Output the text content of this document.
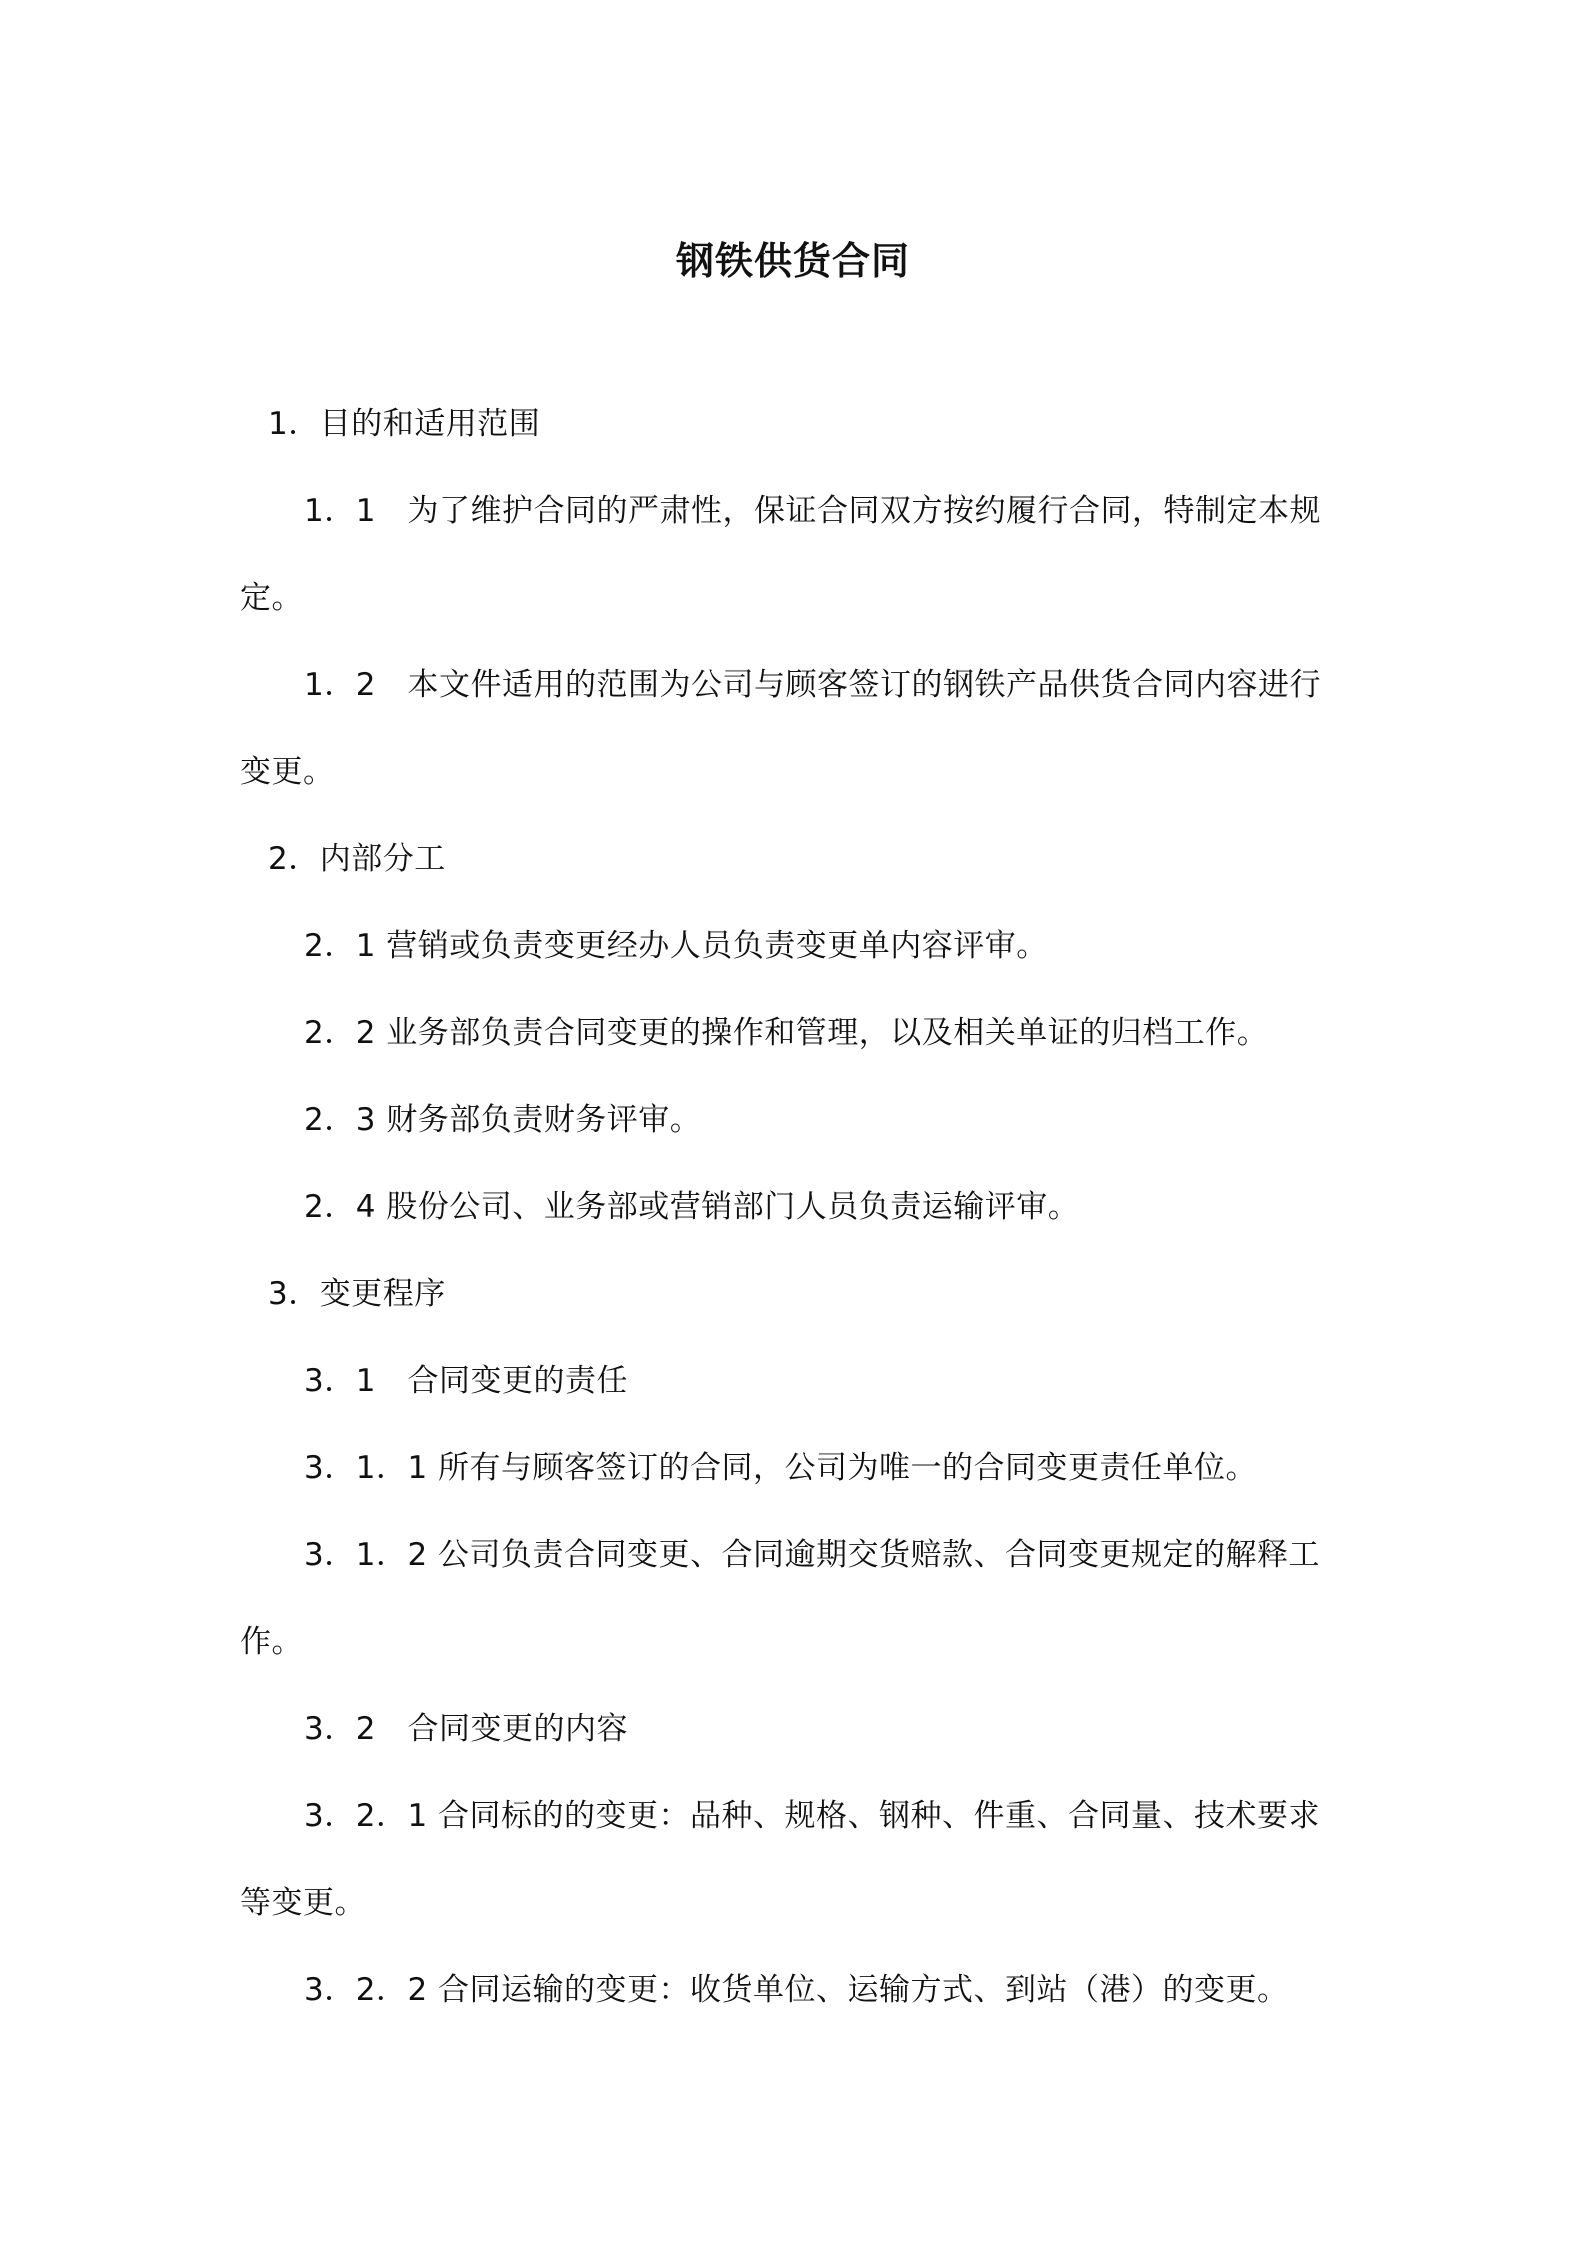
钢铁供货合同

1．目的和适用范围

1．1　为了维护合同的严肃性，保证合同双方按约履行合同，特制定本规

定。

1．2　本文件适用的范围为公司与顾客签订的钢铁产品供货合同内容进行

变更。

2．内部分工

2．1 营销或负责变更经办人员负责变更单内容评审。

2．2 业务部负责合同变更的操作和管理，以及相关单证的归档工作。

2．3 财务部负责财务评审。

2．4 股份公司、业务部或营销部门人员负责运输评审。

3．变更程序

3．1　合同变更的责任

3．1．1 所有与顾客签订的合同，公司为唯一的合同变更责任单位。

3．1．2 公司负责合同变更、合同逾期交货赔款、合同变更规定的解释工

作。

3．2　合同变更的内容

3．2．1 合同标的的变更：品种、规格、钢种、件重、合同量、技术要求

等变更。

3．2．2 合同运输的变更：收货单位、运输方式、到站（港）的变更。
